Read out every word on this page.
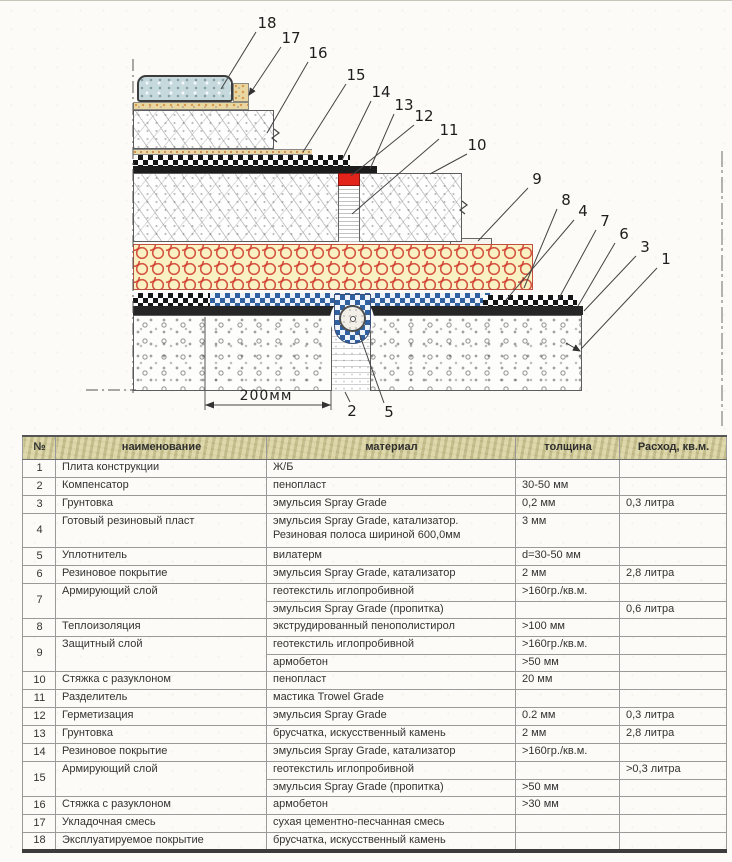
18
17
16
15
14
13
12
11
10
9
8
4
7
6
3
1
2 5
200мм
№	наименование	материал	толщина	Расход, кв.м.
1	Плита конструкции	Ж/Б		
2	Компенсатор	пенопласт	30-50 мм	
3	Грунтовка	эмульсия Spray Grade	0,2 мм	0,3 литра
4	Готовый резиновый пласт	эмульсия Spray Grade, катализатор. Резиновая полоса шириной 600,0мм	3 мм	
5	Уплотнитель	вилатерм	d=30-50 мм	
6	Резиновое покрытие	эмульсия Spray Grade, катализатор	2 мм	2,8 литра
7	Армирующий слой	геотекстиль иглопробивной	>160гр./кв.м.	
		эмульсия Spray Grade (пропитка)		0,6 литра
8	Теплоизоляция	экструдированный пенополистирол	>100 мм	
9	Защитный слой	геотекстиль иглопробивной	>160гр./кв.м.	
		армобетон	>50 мм	
10	Стяжка с разуклоном	пенопласт	20 мм	
11	Разделитель	мастика Trowel Grade		
12	Герметизация	эмульсия Spray Grade	0.2 мм	0,3 литра
13	Грунтовка	брусчатка, искусственный камень	2 мм	2,8 литра
14	Резиновое покрытие	эмульсия Spray Grade, катализатор	>160гр./кв.м.	
15	Армирующий слой	геотекстиль иглопробивной		>0,3 литра
		эмульсия Spray Grade (пропитка)	>50 мм	
16	Стяжка с разуклоном	армобетон	>30 мм	
17	Укладочная смесь	сухая цементно-песчанная смесь		
18	Эксплуатируемое покрытие	брусчатка, искусственный камень		
